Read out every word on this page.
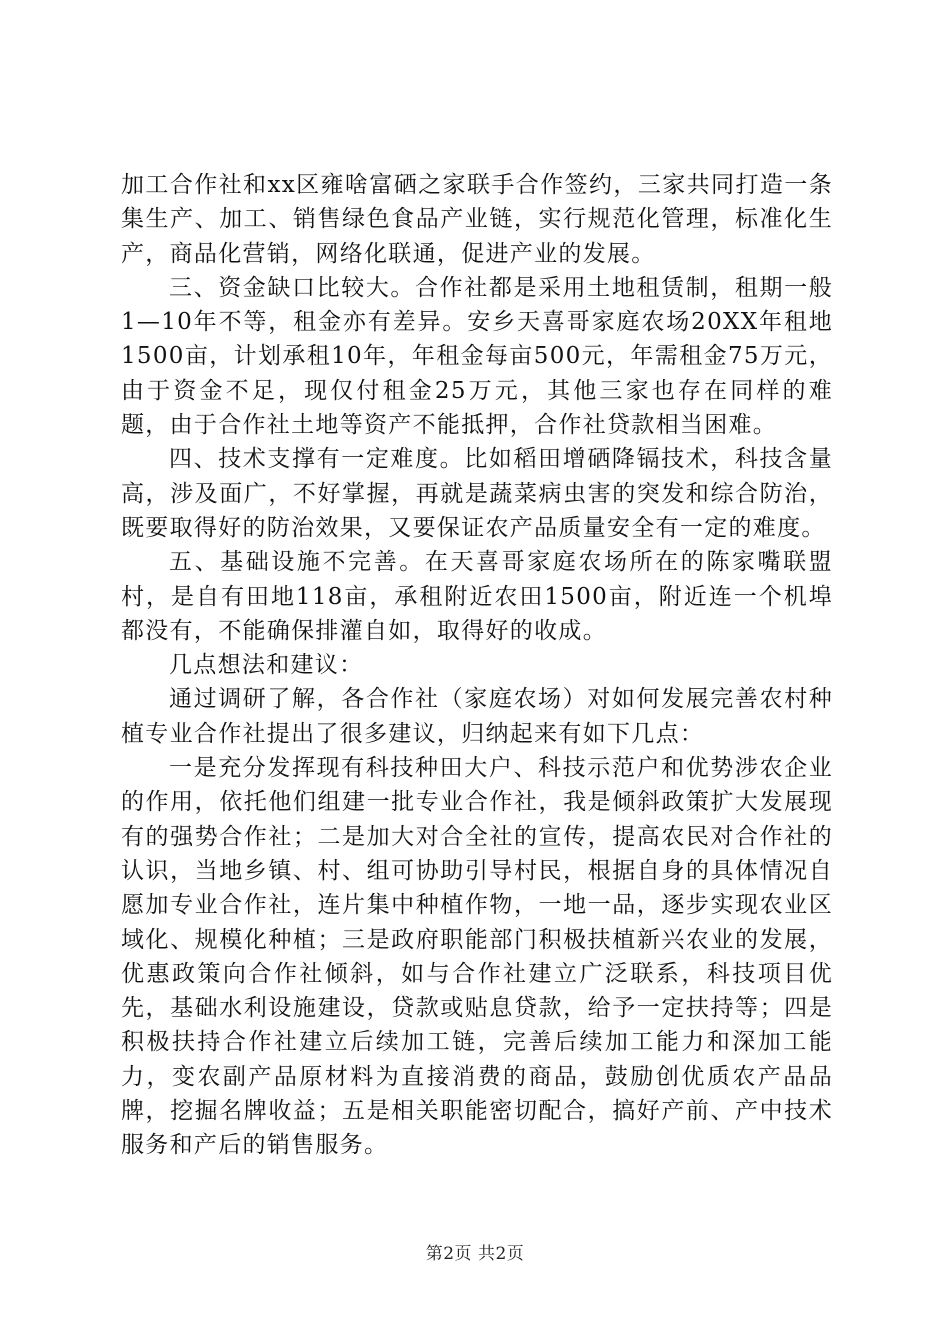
加工合作社和xx区雍啥富硒之家联手合作签约，三家共同打造一条集生产、加工、销售绿色食品产业链，实行规范化管理，标准化生产，商品化营销，网络化联通，促进产业的发展。

三、资金缺口比较大。合作社都是采用土地租赁制，租期一般1—10年不等，租金亦有差异。安乡天喜哥家庭农场20XX年租地1500亩，计划承租10年，年租金每亩500元，年需租金75万元，由于资金不足，现仅付租金25万元，其他三家也存在同样的难题，由于合作社土地等资产不能抵押，合作社贷款相当困难。

四、技术支撑有一定难度。比如稻田增硒降镉技术，科技含量高，涉及面广，不好掌握，再就是蔬菜病虫害的突发和综合防治，既要取得好的防治效果，又要保证农产品质量安全有一定的难度。

五、基础设施不完善。在天喜哥家庭农场所在的陈家嘴联盟村，是自有田地118亩，承租附近农田1500亩，附近连一个机埠都没有，不能确保排灌自如，取得好的收成。

几点想法和建议：

通过调研了解，各合作社（家庭农场）对如何发展完善农村种植专业合作社提出了很多建议，归纳起来有如下几点：

一是充分发挥现有科技种田大户、科技示范户和优势涉农企业的作用，依托他们组建一批专业合作社，我是倾斜政策扩大发展现有的强势合作社；二是加大对合全社的宣传，提高农民对合作社的认识，当地乡镇、村、组可协助引导村民，根据自身的具体情况自愿加专业合作社，连片集中种植作物，一地一品，逐步实现农业区域化、规模化种植；三是政府职能部门积极扶植新兴农业的发展，优惠政策向合作社倾斜，如与合作社建立广泛联系，科技项目优先，基础水利设施建设，贷款或贴息贷款，给予一定扶持等；四是积极扶持合作社建立后续加工链，完善后续加工能力和深加工能力，变农副产品原材料为直接消费的商品，鼓励创优质农产品品牌，挖掘名牌收益；五是相关职能密切配合，搞好产前、产中技术服务和产后的销售服务。

第2页 共2页
